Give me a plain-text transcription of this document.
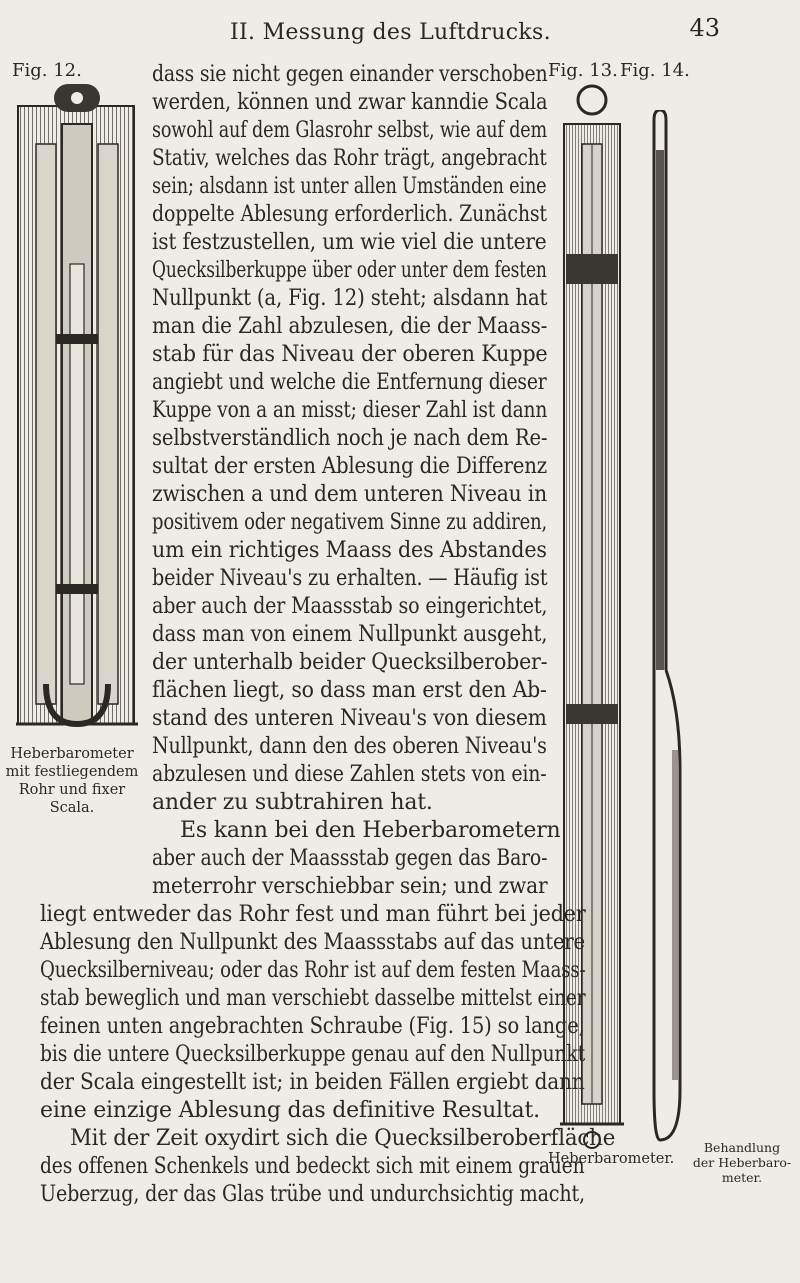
II. Messung des Luftdrucks.	43
Fig. 12.	Fig. 13. Fig. 14.
Heberbarometer
mit festliegendem
Rohr und fixer
Scala.
Heberbarometer.
Behandlung
der Heberbaro-
meter.
dass sie nicht gegen einander verschoben
werden, können und zwar kanndie Scala
sowohl auf dem Glasrohr selbst, wie auf dem
Stativ, welches das Rohr trägt, angebracht
sein; alsdann ist unter allen Umständen eine
doppelte Ablesung erforderlich. Zunächst
ist festzustellen, um wie viel die untere
Quecksilberkuppe über oder unter dem festen
Nullpunkt (a, Fig. 12) steht; alsdann hat
man die Zahl abzulesen, die der Maass-
stab für das Niveau der oberen Kuppe
angiebt und welche die Entfernung dieser
Kuppe von a an misst; dieser Zahl ist dann
selbstverständlich noch je nach dem Re-
sultat der ersten Ablesung die Differenz
zwischen a und dem unteren Niveau in
positivem oder negativem Sinne zu addiren,
um ein richtiges Maass des Abstandes
beider Niveau's zu erhalten. — Häufig ist
aber auch der Maassstab so eingerichtet,
dass man von einem Nullpunkt ausgeht,
der unterhalb beider Quecksilberober-
flächen liegt, so dass man erst den Ab-
stand des unteren Niveau's von diesem
Nullpunkt, dann den des oberen Niveau's
abzulesen und diese Zahlen stets von ein-
ander zu subtrahiren hat.
Es kann bei den Heberbarometern
aber auch der Maassstab gegen das Baro-
meterrohr verschiebbar sein; und zwar
liegt entweder das Rohr fest und man führt bei jeder
Ablesung den Nullpunkt des Maassstabs auf das untere
Quecksilberniveau; oder das Rohr ist auf dem festen Maass-
stab beweglich und man verschiebt dasselbe mittelst einer
feinen unten angebrachten Schraube (Fig. 15) so lange,
bis die untere Quecksilberkuppe genau auf den Nullpunkt
der Scala eingestellt ist; in beiden Fällen ergiebt dann
eine einzige Ablesung das definitive Resultat.
Mit der Zeit oxydirt sich die Quecksilberoberfläche
des offenen Schenkels und bedeckt sich mit einem grauen
Ueberzug, der das Glas trübe und undurchsichtig macht,
